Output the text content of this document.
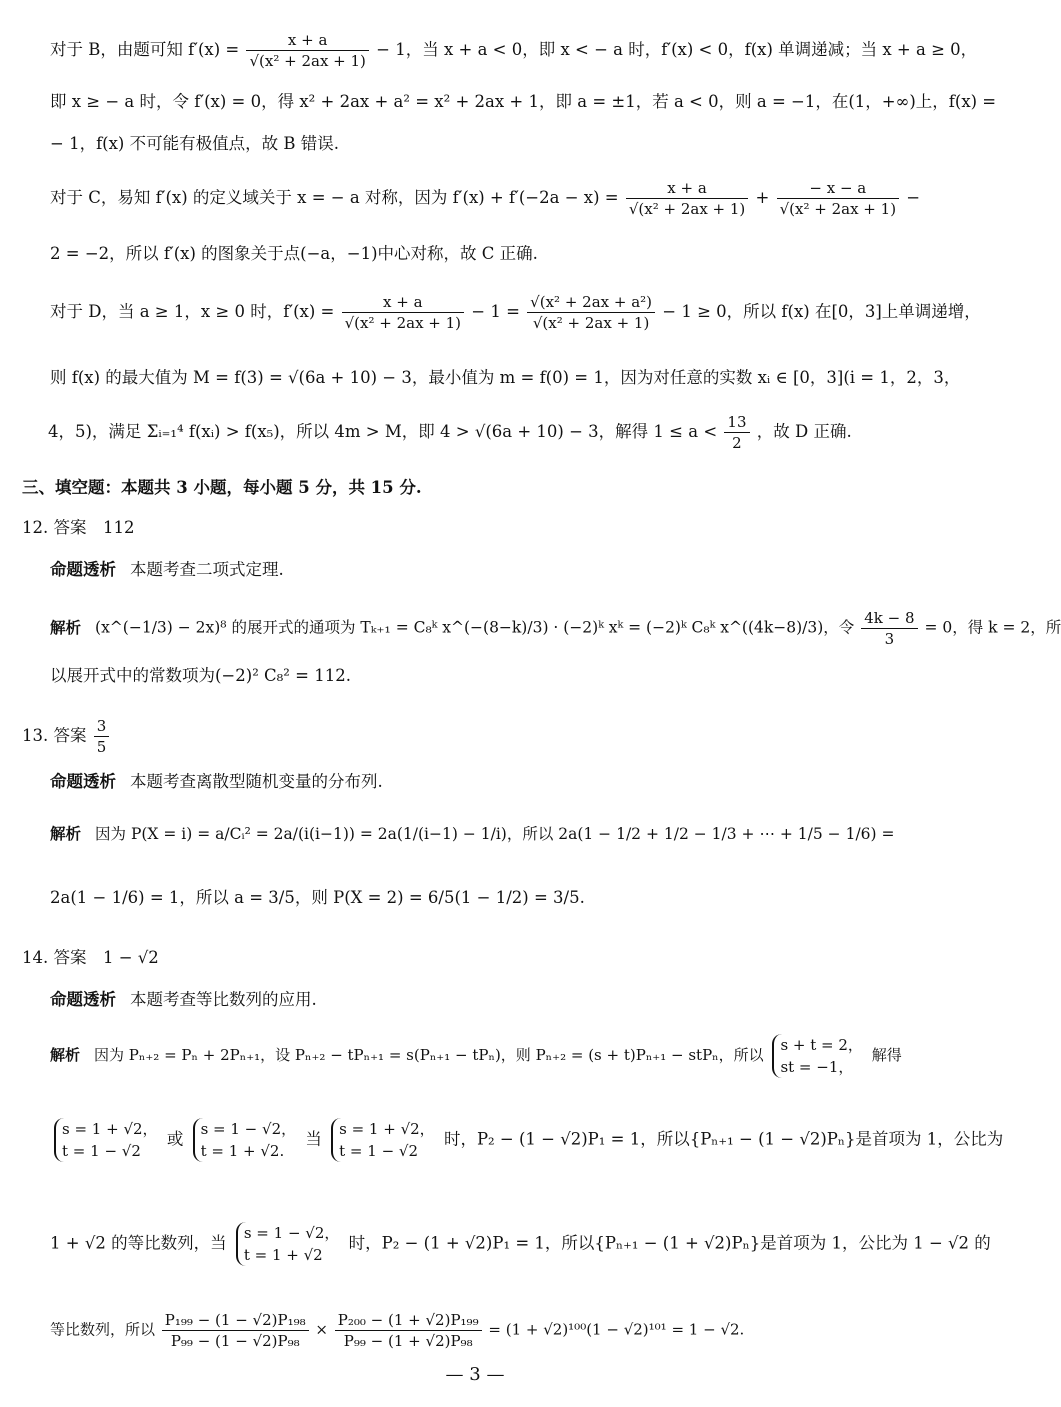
对于 B，由题可知 $f'(x) = \frac{x + a}{\text{√(x² + 2ax + 1)}} - 1$，当 x + a < 0，即 x < − a 时，f′(x) < 0，f(x) 单调递减；当 x + a ≥ 0，
即 x ≥ − a 时，令 f′(x) = 0，得 x² + 2ax + a² = x² + 2ax + 1，即 a = ±1，若 a < 0，则 a = −1，在(1，+∞)上，f(x) =
− 1，f(x) 不可能有极值点，故 B 错误.
对于 C，易知 f′(x) 的定义域关于 x = − a 对称，因为 $f'(x) + f'(-2a - x) = \frac{x + a}{\text{√(x² + 2ax + 1)}} + \frac{- x - a}{\text{√(x² + 2ax + 1)}}$ −
2 = −2，所以 f′(x) 的图象关于点(−a，−1)中心对称，故 C 正确.
对于 D，当 a ≥ 1，x ≥ 0 时，$f'(x) = \frac{x + a}{\text{√(x² + 2ax + 1)}} - 1 = \frac{\text{√(x² + 2ax + a²)}}{\text{√(x² + 2ax + 1)}} - 1 \ge 0$，所以 f(x) 在[0，3]上单调递增，
则 f(x) 的最大值为 M = f(3) = √(6a + 10) − 3，最小值为 m = f(0) = 1，因为对任意的实数 xᵢ ∈ [0，3](i = 1，2，3，
4，5)，满足 Σᵢ₌₁⁴ f(xᵢ) > f(x₅)，所以 4m > M，即 4 > √(6a + 10) − 3，解得 $1 \le a < \frac{13}{2}$ ，故 D 正确.
三、填空题：本题共 3 小题，每小题 5 分，共 15 分.
12. 答案　112
命题透析 本题考查二项式定理.
解析 (x^(−1/3) − 2x)⁸ 的展开式的通项为 Tₖ₊₁ = C₈ᵏ x^(−(8−k)/3) · (−2)ᵏ xᵏ = (−2)ᵏ C₈ᵏ x^((4k−8)/3)，令 $\frac{4k - 8}{3} = 0$，得 k = 2，所
以展开式中的常数项为(−2)² C₈² = 112.
13. 答案 $\frac{3}{5}$
命题透析 本题考查离散型随机变量的分布列.
解析 因为 P(X = i) = a/Cᵢ² = 2a/(i(i−1)) = 2a(1/(i−1) − 1/i)，所以 2a(1 − 1/2 + 1/2 − 1/3 + ⋯ + 1/5 − 1/6) =
2a(1 − 1/6) = 1，所以 a = 3/5，则 P(X = 2) = 6/5(1 − 1/2) = 3/5.
14. 答案　1 − √2
命题透析 本题考查等比数列的应用.
解析 因为 Pₙ₊₂ = Pₙ + 2Pₙ₊₁，设 Pₙ₊₂ − tPₙ₊₁ = s(Pₙ₊₁ − tPₙ)，则 Pₙ₊₂ = (s + t)Pₙ₊₁ − stPₙ，所以
s + t = 2，
st = −1，
解得
s = 1 + √2，
t = 1 − √2
或
s = 1 − √2，
t = 1 + √2.
当
s = 1 + √2，
t = 1 − √2
时，P₂ − (1 − √2)P₁ = 1，所以{Pₙ₊₁ − (1 − √2)Pₙ}是首项为 1，公比为
1 + √2 的等比数列，当
s = 1 − √2，
t = 1 + √2
时，P₂ − (1 + √2)P₁ = 1，所以{Pₙ₊₁ − (1 + √2)Pₙ}是首项为 1，公比为 1 − √2 的
等比数列，所以 $\frac{\text{P₁₉₉ − (1 − √2)P₁₉₈}}{\text{P₉₉ − (1 − √2)P₉₈}} \times \frac{\text{P₂₀₀ − (1 + √2)P₁₉₉}}{\text{P₉₉ − (1 + √2)P₉₈}} = (1 + √2)^{100}(1 - √2)^{101} = 1 - √2$.
— 3 —
